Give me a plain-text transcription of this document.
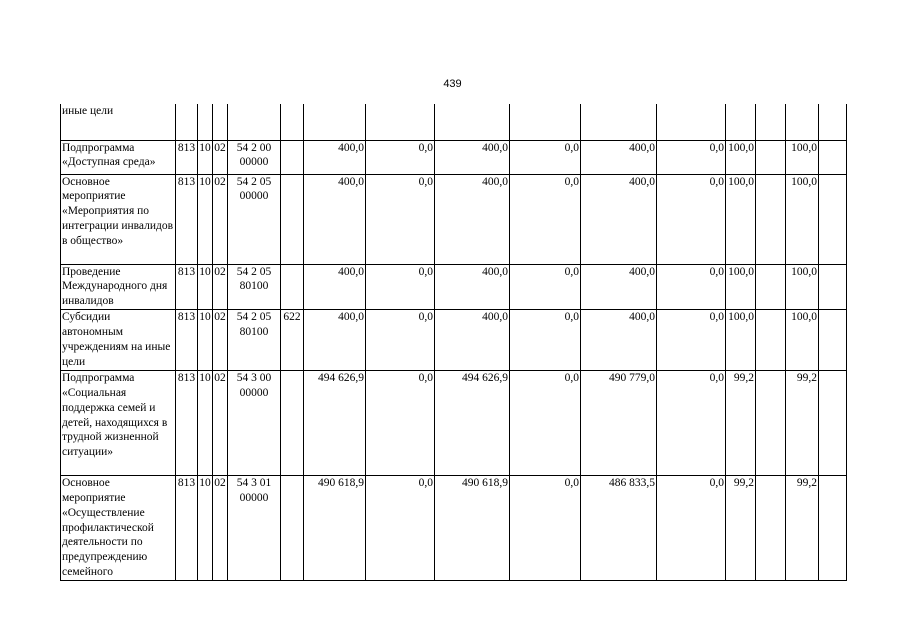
439
иные цели															
Подпрограмма «Доступная среда»	813	10	02	54 2 00 00000		400,0	0,0	400,0	0,0	400,0	0,0	100,0		100,0	
Основное мероприятие «Мероприятия по интеграции инвалидов в общество»	813	10	02	54 2 05 00000		400,0	0,0	400,0	0,0	400,0	0,0	100,0		100,0	
Проведение Международного дня инвалидов	813	10	02	54 2 05 80100		400,0	0,0	400,0	0,0	400,0	0,0	100,0		100,0	
Субсидии автономным учреждениям на иные цели	813	10	02	54 2 05 80100	622	400,0	0,0	400,0	0,0	400,0	0,0	100,0		100,0	
Подпрограмма «Социальная поддержка семей и детей, находящихся в трудной жизненной ситуации»	813	10	02	54 3 00 00000		494 626,9	0,0	494 626,9	0,0	490 779,0	0,0	99,2		99,2	
Основное мероприятие «Осуществление профилактической деятельности по предупреждению семейного	813	10	02	54 3 01 00000		490 618,9	0,0	490 618,9	0,0	486 833,5	0,0	99,2		99,2	
